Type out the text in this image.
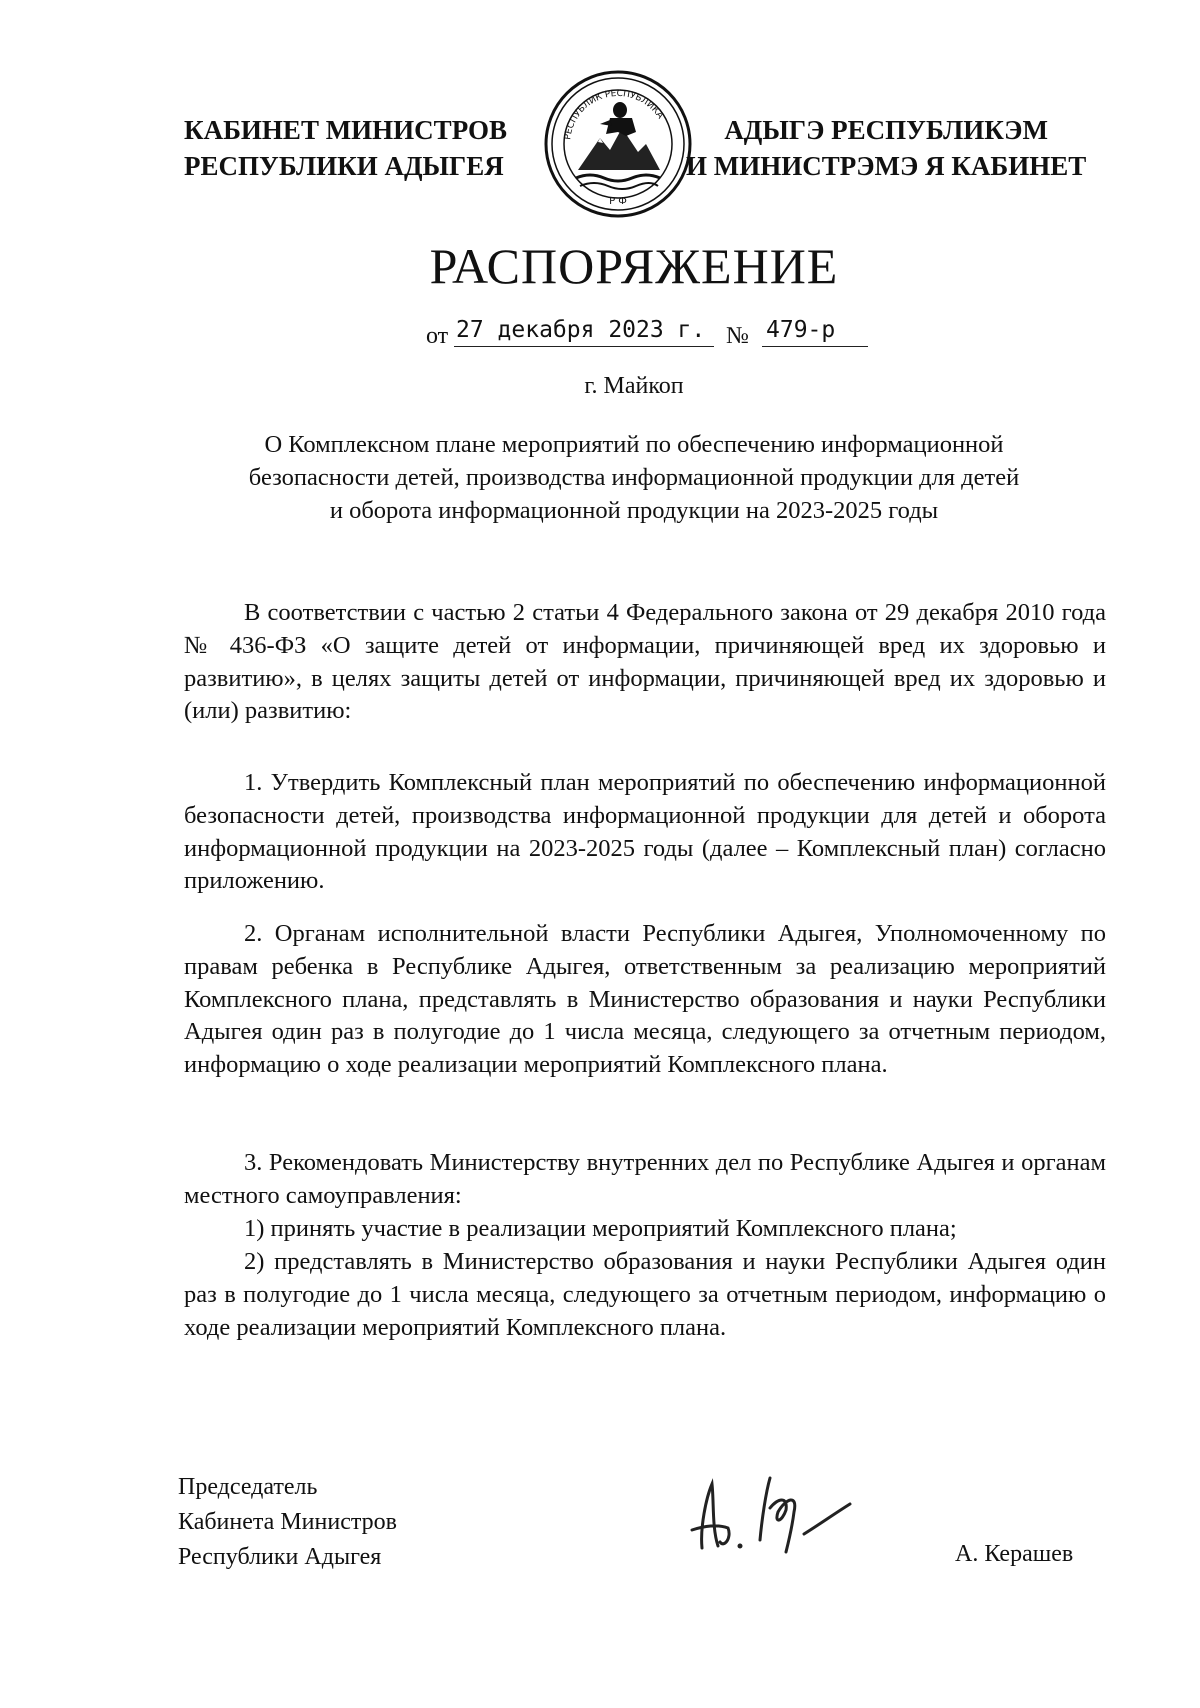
КАБИНЕТ МИНИСТРОВ
РЕСПУБЛИКИ АДЫГЕЯ
РЕСПУБЛИК РЕСПУБЛИКА
Р Ф
АДЫГЭ РЕСПУБЛИКЭМ
И МИНИСТРЭМЭ Я КАБИНЕТ
РАСПОРЯЖЕНИЕ
от 27 декабря 2023 г. № 479-р
г. Майкоп
О Комплексном плане мероприятий по обеспечению информационной
безопасности детей, производства информационной продукции для детей
и оборота информационной продукции на 2023-2025 годы

В соответствии с частью 2 статьи 4 Федерального закона от 29 декабря 2010 года № 436-ФЗ «О защите детей от информации, причиняющей вред их здоровью и развитию», в целях защиты детей от информации, причиняющей вред их здоровью и (или) развитию:

1. Утвердить Комплексный план мероприятий по обеспечению информационной безопасности детей, производства информационной продукции для детей и оборота информационной продукции на 2023-2025 годы (далее – Комплексный план) согласно приложению.

2. Органам исполнительной власти Республики Адыгея, Уполномоченному по правам ребенка в Республике Адыгея, ответственным за реализацию мероприятий Комплексного плана, представлять в Министерство образования и науки Республики Адыгея один раз в полугодие до 1 числа месяца, следующего за отчетным периодом, информацию о ходе реализации мероприятий Комплексного плана.

3. Рекомендовать Министерству внутренних дел по Республике Адыгея и органам местного самоуправления:

1) принять участие в реализации мероприятий Комплексного плана;

2) представлять в Министерство образования и науки Республики Адыгея один раз в полугодие до 1 числа месяца, следующего за отчетным периодом, информацию о ходе реализации мероприятий Комплексного плана.

Председатель
Кабинета Министров
Республики Адыгея	А. Керашев
